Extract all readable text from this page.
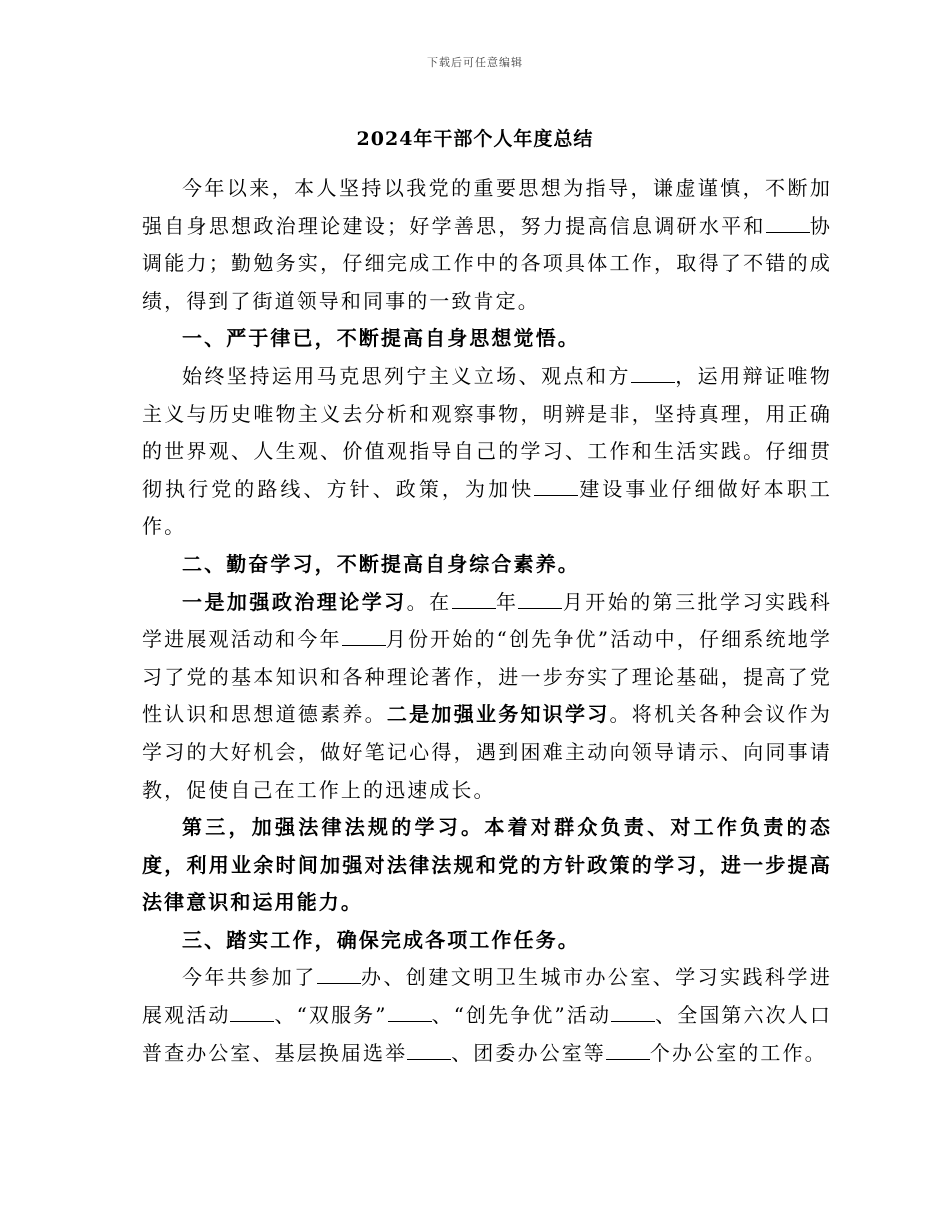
下载后可任意编辑
2024年干部个人年度总结

今年以来，本人坚持以我党的重要思想为指导，谦虚谨慎，不断加强自身思想政治理论建设；好学善思，努力提高信息调研水平和 协调能力；勤勉务实，仔细完成工作中的各项具体工作，取得了不错的成绩，得到了街道领导和同事的一致肯定。

一、严于律已，不断提高自身思想觉悟。

始终坚持运用马克思列宁主义立场、观点和方 ，运用辩证唯物主义与历史唯物主义去分析和观察事物，明辨是非，坚持真理，用正确的世界观、人生观、价值观指导自己的学习、工作和生活实践。仔细贯彻执行党的路线、方针、政策，为加快 建设事业仔细做好本职工作。

二、勤奋学习，不断提高自身综合素养。

一是加强政治理论学习。在 年 月开始的第三批学习实践科学进展观活动和今年 月份开始的“创先争优”活动中，仔细系统地学习了党的基本知识和各种理论著作，进一步夯实了理论基础，提高了党性认识和思想道德素养。二是加强业务知识学习。将机关各种会议作为学习的大好机会，做好笔记心得，遇到困难主动向领导请示、向同事请教，促使自己在工作上的迅速成长。

第三，加强法律法规的学习。本着对群众负责、对工作负责的态度，利用业余时间加强对法律法规和党的方针政策的学习，进一步提高法律意识和运用能力。

三、踏实工作，确保完成各项工作任务。

今年共参加了 办、创建文明卫生城市办公室、学习实践科学进展观活动 、“双服务” 、“创先争优”活动 、全国第六次人口普查办公室、基层换届选举 、团委办公室等 个办公室的工作。
